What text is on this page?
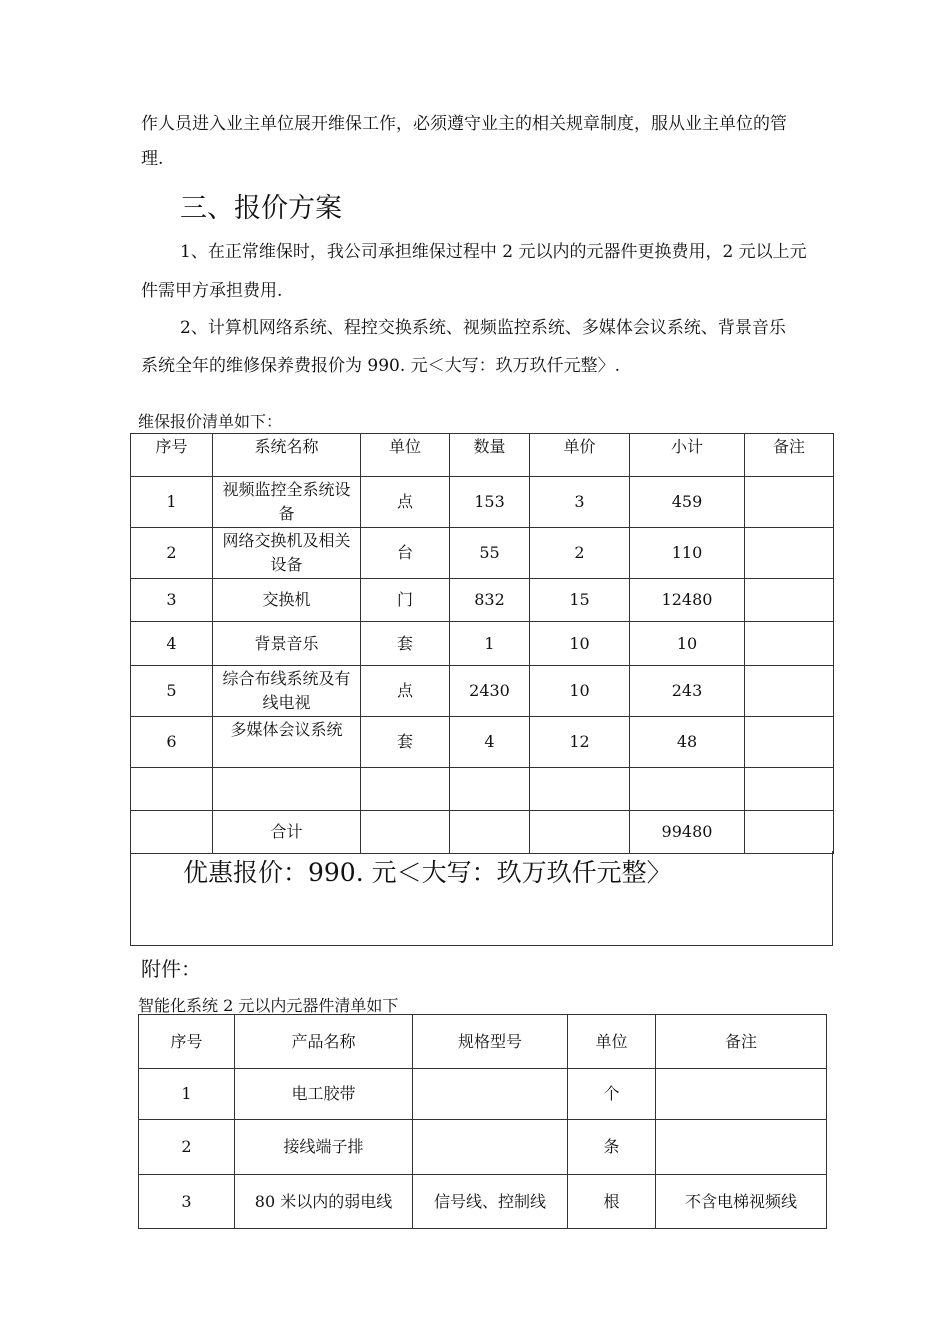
作人员进入业主单位展开维保工作，必须遵守业主的相关规章制度，服从业主单位的管
理.
三、报价方案
1、在正常维保时，我公司承担维保过程中 2 元以内的元器件更换费用，2 元以上元
件需甲方承担费用.
2、计算机网络系统、程控交换系统、视频监控系统、多媒体会议系统、背景音乐
系统全年的维修保养费报价为 990. 元＜大写：玖万玖仟元整〉.
维保报价清单如下：
序号	系统名称	单位	数量	单价	小计	备注
1	视频监控全系统设
备	点	153	3	459	
2	网络交换机及相关
设备	台	55	2	110	
3	交换机	门	832	15	12480	
4	背景音乐	套	1	10	10	
5	综合布线系统及有
线电视	点	2430	10	243	
6	多媒体会议系统	套	4	12	48	

	合计				99480	
优惠报价：990. 元＜大写：玖万玖仟元整〉
附件：
智能化系统 2 元以内元器件清单如下
序号	产品名称	规格型号	单位	备注
1	电工胶带		个	
2	接线端子排		条	
3	80 米以内的弱电线	信号线、控制线	根	不含电梯视频线
